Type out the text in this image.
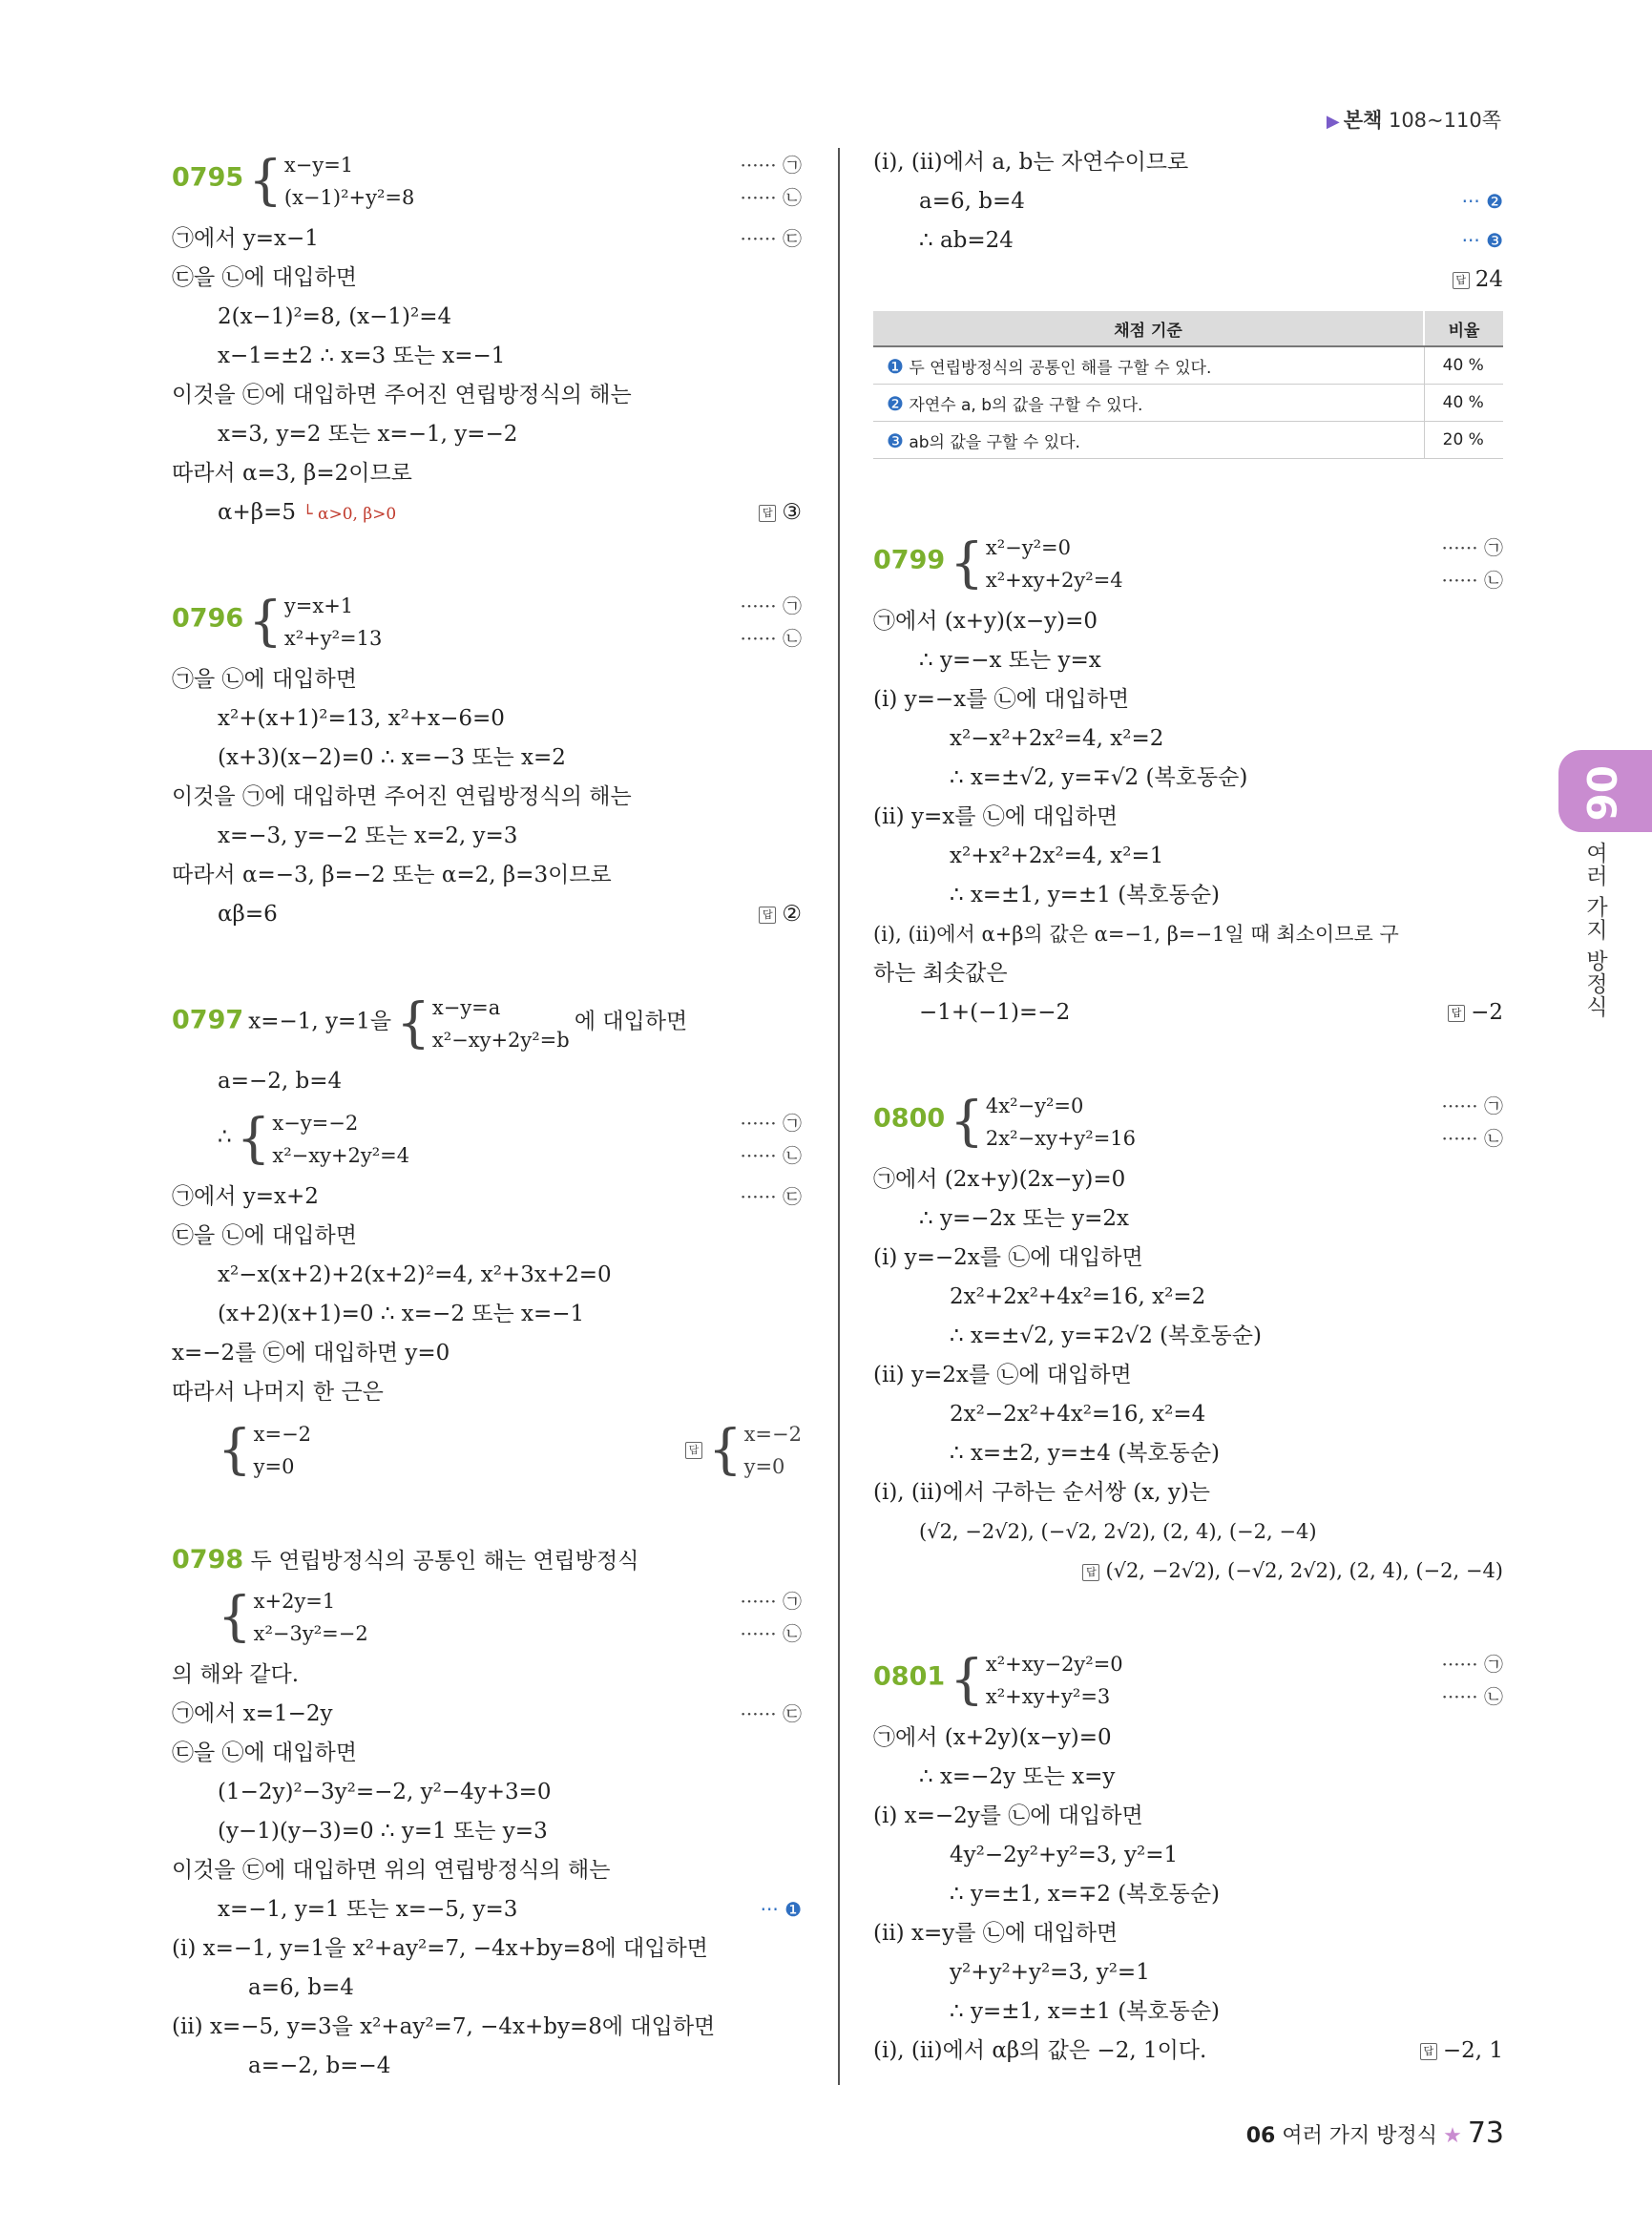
▶ 본책 108~110쪽
0795 { x−y=1
(x−1)²+y²=8
······ ㉠
······ ㉡
㉠에서 y=x−1	······ ㉢
㉢을 ㉡에 대입하면
2(x−1)²=8, (x−1)²=4
x−1=±2 ∴ x=3 또는 x=−1
이것을 ㉢에 대입하면 주어진 연립방정식의 해는
x=3, y=2 또는 x=−1, y=−2
따라서 α=3, β=2이므로
α+β=5 └ α>0, β>0	답 ③
0796 { y=x+1
x²+y²=13
······ ㉠
······ ㉡
㉠을 ㉡에 대입하면
x²+(x+1)²=13, x²+x−6=0
(x+3)(x−2)=0 ∴ x=−3 또는 x=2
이것을 ㉠에 대입하면 주어진 연립방정식의 해는
x=−3, y=−2 또는 x=2, y=3
따라서 α=−3, β=−2 또는 α=2, β=3이므로
αβ=6	답 ②
0797 x=−1, y=1을 { x−y=a
x²−xy+2y²=b
에 대입하면
a=−2, b=4
∴ { x−y=−2
x²−xy+2y²=4
······ ㉠
······ ㉡
㉠에서 y=x+2	······ ㉢
㉢을 ㉡에 대입하면
x²−x(x+2)+2(x+2)²=4, x²+3x+2=0
(x+2)(x+1)=0 ∴ x=−2 또는 x=−1
x=−2를 ㉢에 대입하면 y=0
따라서 나머지 한 근은
{ x=−2
y=0
답 { x=−2
y=0
0798 두 연립방정식의 공통인 해는 연립방정식
{ x+2y=1
x²−3y²=−2
······ ㉠
······ ㉡
의 해와 같다.
㉠에서 x=1−2y	······ ㉢
㉢을 ㉡에 대입하면
(1−2y)²−3y²=−2, y²−4y+3=0
(y−1)(y−3)=0 ∴ y=1 또는 y=3
이것을 ㉢에 대입하면 위의 연립방정식의 해는
x=−1, y=1 또는 x=−5, y=3	··· ❶
(ⅰ) x=−1, y=1을 x²+ay²=7, −4x+by=8에 대입하면
a=6, b=4
(ⅱ) x=−5, y=3을 x²+ay²=7, −4x+by=8에 대입하면
a=−2, b=−4
(ⅰ), (ⅱ)에서 a, b는 자연수이므로
a=6, b=4	··· ❷
∴ ab=24	··· ❸
답 24
채점 기준	비율
❶ 두 연립방정식의 공통인 해를 구할 수 있다.	40 %
❷ 자연수 a, b의 값을 구할 수 있다.	40 %
❸ ab의 값을 구할 수 있다.	20 %
0799 { x²−y²=0
x²+xy+2y²=4
······ ㉠
······ ㉡
㉠에서 (x+y)(x−y)=0
∴ y=−x 또는 y=x
(ⅰ) y=−x를 ㉡에 대입하면
x²−x²+2x²=4, x²=2
∴ x=±√2, y=∓√2 (복호동순)
(ⅱ) y=x를 ㉡에 대입하면
x²+x²+2x²=4, x²=1
∴ x=±1, y=±1 (복호동순)
(ⅰ), (ⅱ)에서 α+β의 값은 α=−1, β=−1일 때 최소이므로 구
하는 최솟값은
−1+(−1)=−2	답 −2
0800 { 4x²−y²=0
2x²−xy+y²=16
······ ㉠
······ ㉡
㉠에서 (2x+y)(2x−y)=0
∴ y=−2x 또는 y=2x
(ⅰ) y=−2x를 ㉡에 대입하면
2x²+2x²+4x²=16, x²=2
∴ x=±√2, y=∓2√2 (복호동순)
(ⅱ) y=2x를 ㉡에 대입하면
2x²−2x²+4x²=16, x²=4
∴ x=±2, y=±4 (복호동순)
(ⅰ), (ⅱ)에서 구하는 순서쌍 (x, y)는
(√2, −2√2), (−√2, 2√2), (2, 4), (−2, −4)
답 (√2, −2√2), (−√2, 2√2), (2, 4), (−2, −4)
0801 { x²+xy−2y²=0
x²+xy+y²=3
······ ㉠
······ ㉡
㉠에서 (x+2y)(x−y)=0
∴ x=−2y 또는 x=y
(ⅰ) x=−2y를 ㉡에 대입하면
4y²−2y²+y²=3, y²=1
∴ y=±1, x=∓2 (복호동순)
(ⅱ) x=y를 ㉡에 대입하면
y²+y²+y²=3, y²=1
∴ y=±1, x=±1 (복호동순)
(ⅰ), (ⅱ)에서 αβ의 값은 −2, 1이다.	답 −2, 1
06
여러 가지 방정식
06 여러 가지 방정식 ★ 73
